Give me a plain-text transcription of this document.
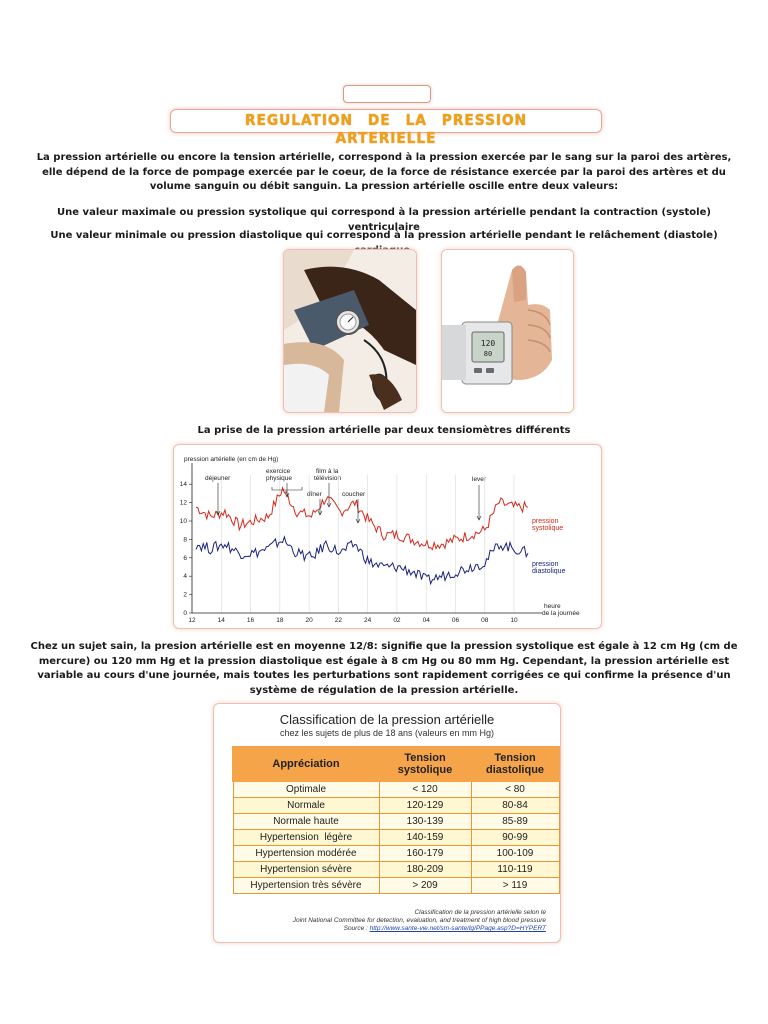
REGULATION DE LA PRESSION ARTERIELLE
La pression artérielle ou encore la tension artérielle, correspond à la pression exercée par le sang sur la paroi des artères, elle dépend de la force de pompage exercée par le coeur, de la force de résistance exercée par la paroi des artères et du volume sanguin ou débit sanguin. La pression artérielle oscille entre deux valeurs:
Une valeur maximale ou pression systolique qui correspond à la pression artérielle pendant la contraction (systole) ventriculaire
Une valeur minimale ou pression diastolique qui correspond à la pression artérielle pendant le relâchement (diastole)
120
80
La prise de la pression artérielle par deux tensiomètres différents
pression artérielle (en cm de Hg)
heure
de la journée
déjeuner
exercice
physique
film à la
télévision
dîner	coucher
lever
pression
systolique
pression
diastolique
12	14	16	18	20	22	24	02	04	06	08	10
0
2
4
6
8
10
12
14
Chez un sujet sain, la presion artérielle est en moyenne 12/8: signifie que la pression systolique est égale à 12 cm Hg (cm de mercure) ou 120 mm Hg et la pression diastolique est égale à 8 cm Hg ou 80 mm Hg. Cependant, la pression artérielle est variable au cours d'une journée, mais toutes les perturbations sont rapidement corrigées ce qui confirme la présence d'un système de régulation de la pression artérielle.
Classification de la pression artérielle
chez les sujets de plus de 18 ans (valeurs en mm Hg)
Appréciation	Tension systolique	Tension diastolique
Optimale	< 120	< 80
Normale	120-129	80-84
Normale haute	130-139	85-89
Hypertension  légère	140-159	90-99
Hypertension modérée	160-179	100-109
Hypertension sévère	180-209	110-119
Hypertension très sévère	> 209	> 119
Classification de la pression artérielle selon le
Joint National Committee for detection, evaluation, and treatment of high blood pressure
Source : http://www.sante-vie.net/sm-sante/lg/PPage.asp?D=HYPERT
